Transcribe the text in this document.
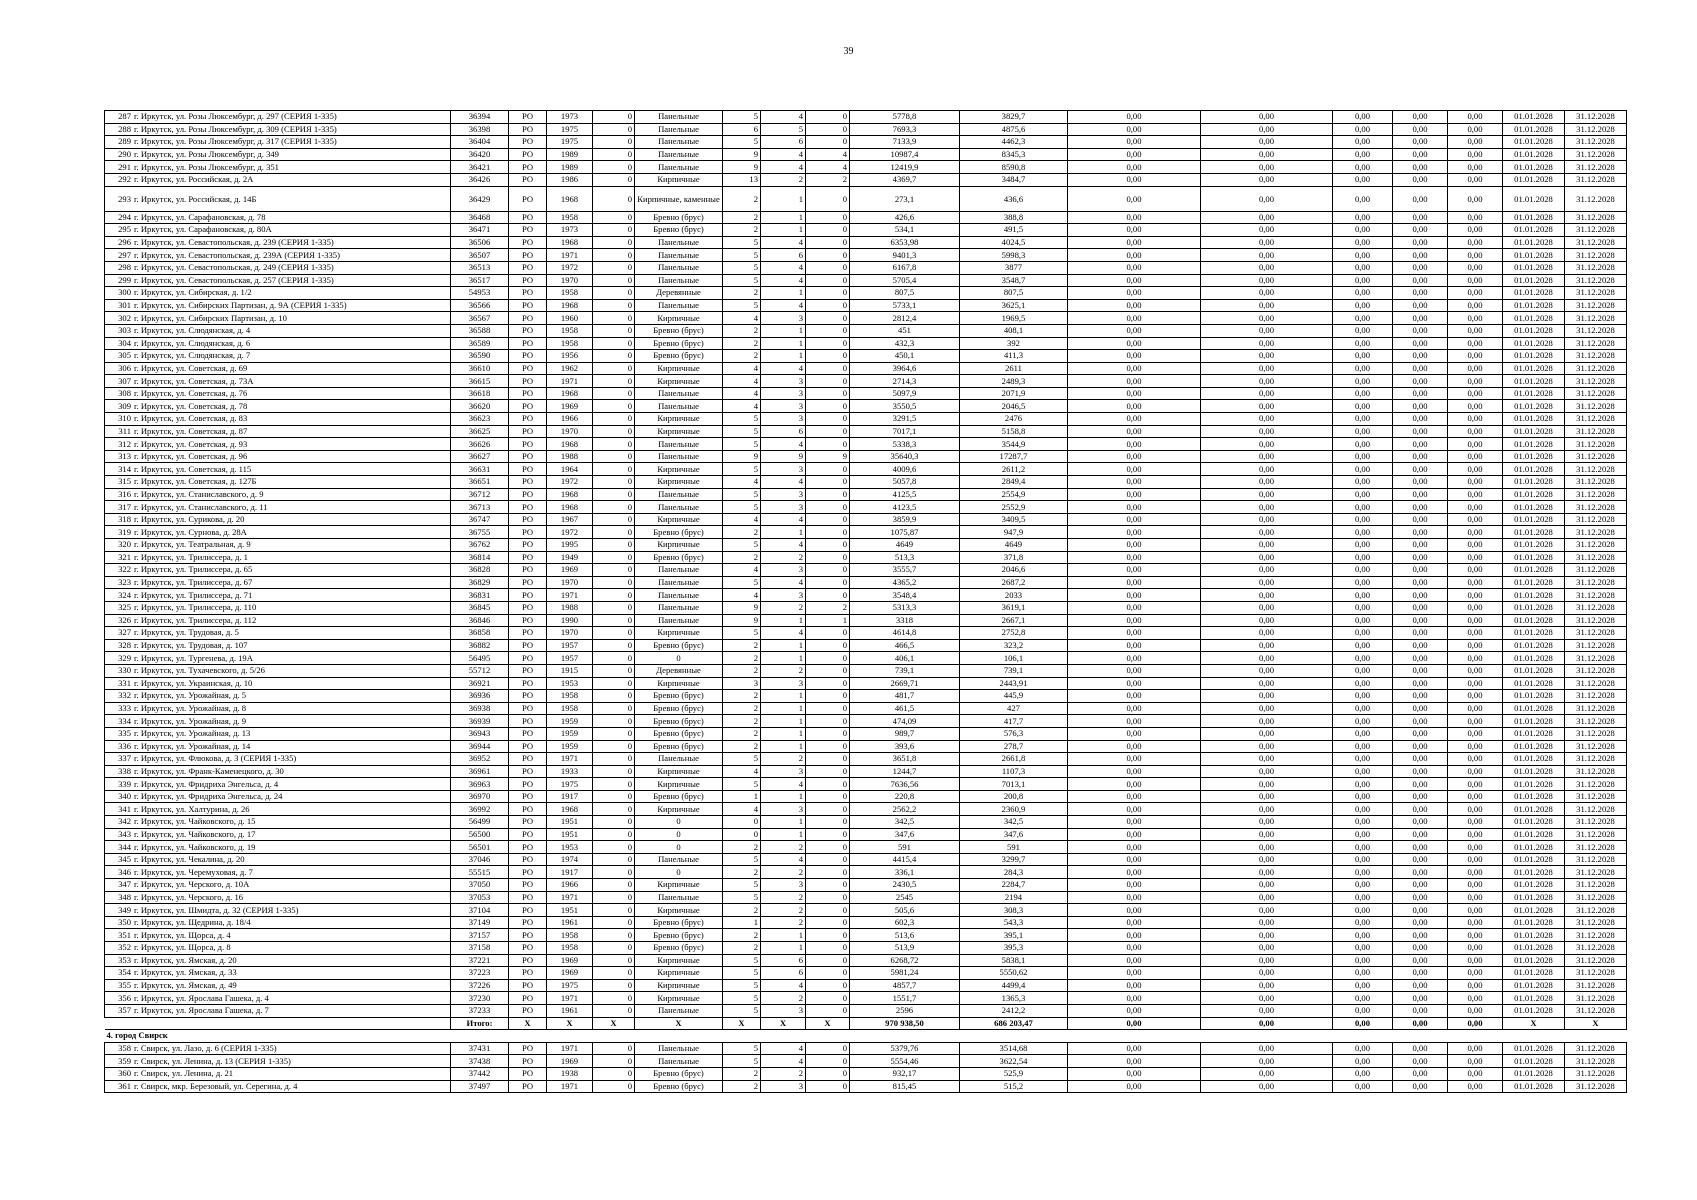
39
287 г. Иркутск, ул. Розы Люксембург, д. 297 (СЕРИЯ 1-335)	36394	РО	1973	0	Панельные	5	4	0	5778,8	3829,7	0,00	0,00	0,00	0,00	0,00	01.01.2028	31.12.2028
288 г. Иркутск, ул. Розы Люксембург, д. 309 (СЕРИЯ 1-335)	36398	РО	1975	0	Панельные	6	5	0	7693,3	4875,6	0,00	0,00	0,00	0,00	0,00	01.01.2028	31.12.2028
289 г. Иркутск, ул. Розы Люксембург, д. 317 (СЕРИЯ 1-335)	36404	РО	1975	0	Панельные	5	6	0	7133,9	4462,3	0,00	0,00	0,00	0,00	0,00	01.01.2028	31.12.2028
290 г. Иркутск, ул. Розы Люксембург, д. 349	36420	РО	1989	0	Панельные	9	4	4	10987,4	8345,3	0,00	0,00	0,00	0,00	0,00	01.01.2028	31.12.2028
291 г. Иркутск, ул. Розы Люксембург, д. 351	36421	РО	1989	0	Панельные	9	4	4	12419,9	8590,8	0,00	0,00	0,00	0,00	0,00	01.01.2028	31.12.2028
292 г. Иркутск, ул. Российская, д. 2А	36426	РО	1986	0	Кирпичные	13	2	2	4369,7	3484,7	0,00	0,00	0,00	0,00	0,00	01.01.2028	31.12.2028
293 г. Иркутск, ул. Российская, д. 14Б	36429	РО	1968	0	Кирпичные, каменные	2	1	0	273,1	436,6	0,00	0,00	0,00	0,00	0,00	01.01.2028	31.12.2028
294 г. Иркутск, ул. Сарафановская, д. 78	36468	РО	1958	0	Бревно (брус)	2	1	0	426,6	388,8	0,00	0,00	0,00	0,00	0,00	01.01.2028	31.12.2028
295 г. Иркутск, ул. Сарафановская, д. 80А	36471	РО	1973	0	Бревно (брус)	2	1	0	534,1	491,5	0,00	0,00	0,00	0,00	0,00	01.01.2028	31.12.2028
296 г. Иркутск, ул. Севастопольская, д. 239 (СЕРИЯ 1-335)	36506	РО	1968	0	Панельные	5	4	0	6353,98	4024,5	0,00	0,00	0,00	0,00	0,00	01.01.2028	31.12.2028
297 г. Иркутск, ул. Севастопольская, д. 239А (СЕРИЯ 1-335)	36507	РО	1971	0	Панельные	5	6	0	9401,3	5998,3	0,00	0,00	0,00	0,00	0,00	01.01.2028	31.12.2028
298 г. Иркутск, ул. Севастопольская, д. 249 (СЕРИЯ 1-335)	36513	РО	1972	0	Панельные	5	4	0	6167,8	3877	0,00	0,00	0,00	0,00	0,00	01.01.2028	31.12.2028
299 г. Иркутск, ул. Севастопольская, д. 257 (СЕРИЯ 1-335)	36517	РО	1970	0	Панельные	5	4	0	5705,4	3548,7	0,00	0,00	0,00	0,00	0,00	01.01.2028	31.12.2028
300 г. Иркутск, ул. Сибирская, д. 1/2	54953	РО	1958	0	Деревянные	2	1	0	807,5	807,5	0,00	0,00	0,00	0,00	0,00	01.01.2028	31.12.2028
301 г. Иркутск, ул. Сибирских Партизан, д. 9А (СЕРИЯ 1-335)	36566	РО	1968	0	Панельные	5	4	0	5733,1	3625,1	0,00	0,00	0,00	0,00	0,00	01.01.2028	31.12.2028
302 г. Иркутск, ул. Сибирских Партизан, д. 10	36567	РО	1960	0	Кирпичные	4	3	0	2812,4	1969,5	0,00	0,00	0,00	0,00	0,00	01.01.2028	31.12.2028
303 г. Иркутск, ул. Слюдянская, д. 4	36588	РО	1958	0	Бревно (брус)	2	1	0	451	408,1	0,00	0,00	0,00	0,00	0,00	01.01.2028	31.12.2028
304 г. Иркутск, ул. Слюдянская, д. 6	36589	РО	1958	0	Бревно (брус)	2	1	0	432,3	392	0,00	0,00	0,00	0,00	0,00	01.01.2028	31.12.2028
305 г. Иркутск, ул. Слюдянская, д. 7	36590	РО	1956	0	Бревно (брус)	2	1	0	450,1	411,3	0,00	0,00	0,00	0,00	0,00	01.01.2028	31.12.2028
306 г. Иркутск, ул. Советская, д. 69	36610	РО	1962	0	Кирпичные	4	4	0	3964,6	2611	0,00	0,00	0,00	0,00	0,00	01.01.2028	31.12.2028
307 г. Иркутск, ул. Советская, д. 73А	36615	РО	1971	0	Кирпичные	4	3	0	2714,3	2489,3	0,00	0,00	0,00	0,00	0,00	01.01.2028	31.12.2028
308 г. Иркутск, ул. Советская, д. 76	36618	РО	1968	0	Панельные	4	3	0	5097,9	2071,9	0,00	0,00	0,00	0,00	0,00	01.01.2028	31.12.2028
309 г. Иркутск, ул. Советская, д. 78	36620	РО	1969	0	Панельные	4	3	0	3550,5	2046,5	0,00	0,00	0,00	0,00	0,00	01.01.2028	31.12.2028
310 г. Иркутск, ул. Советская, д. 83	36623	РО	1966	0	Кирпичные	5	3	0	3291,5	2476	0,00	0,00	0,00	0,00	0,00	01.01.2028	31.12.2028
311 г. Иркутск, ул. Советская, д. 87	36625	РО	1970	0	Кирпичные	5	6	0	7017,1	5158,8	0,00	0,00	0,00	0,00	0,00	01.01.2028	31.12.2028
312 г. Иркутск, ул. Советская, д. 93	36626	РО	1968	0	Панельные	5	4	0	5338,3	3544,9	0,00	0,00	0,00	0,00	0,00	01.01.2028	31.12.2028
313 г. Иркутск, ул. Советская, д. 96	36627	РО	1988	0	Панельные	9	9	9	35640,3	17287,7	0,00	0,00	0,00	0,00	0,00	01.01.2028	31.12.2028
314 г. Иркутск, ул. Советская, д. 115	36631	РО	1964	0	Кирпичные	5	3	0	4009,6	2611,2	0,00	0,00	0,00	0,00	0,00	01.01.2028	31.12.2028
315 г. Иркутск, ул. Советская, д. 127Б	36651	РО	1972	0	Кирпичные	4	4	0	5057,8	2849,4	0,00	0,00	0,00	0,00	0,00	01.01.2028	31.12.2028
316 г. Иркутск, ул. Станиславского, д. 9	36712	РО	1968	0	Панельные	5	3	0	4125,5	2554,9	0,00	0,00	0,00	0,00	0,00	01.01.2028	31.12.2028
317 г. Иркутск, ул. Станиславского, д. 11	36713	РО	1968	0	Панельные	5	3	0	4123,5	2552,9	0,00	0,00	0,00	0,00	0,00	01.01.2028	31.12.2028
318 г. Иркутск, ул. Сурикова, д. 20	36747	РО	1967	0	Кирпичные	4	4	0	3859,9	3409,5	0,00	0,00	0,00	0,00	0,00	01.01.2028	31.12.2028
319 г. Иркутск, ул. Сурнова, д. 28А	36755	РО	1972	0	Бревно (брус)	2	1	0	1075,87	947,9	0,00	0,00	0,00	0,00	0,00	01.01.2028	31.12.2028
320 г. Иркутск, ул. Театральная, д. 9	36762	РО	1995	0	Кирпичные	5	4	0	4649	4649	0,00	0,00	0,00	0,00	0,00	01.01.2028	31.12.2028
321 г. Иркутск, ул. Трилиссера, д. 1	36814	РО	1949	0	Бревно (брус)	2	2	0	513,3	371,8	0,00	0,00	0,00	0,00	0,00	01.01.2028	31.12.2028
322 г. Иркутск, ул. Трилиссера, д. 65	36828	РО	1969	0	Панельные	4	3	0	3555,7	2046,6	0,00	0,00	0,00	0,00	0,00	01.01.2028	31.12.2028
323 г. Иркутск, ул. Трилиссера, д. 67	36829	РО	1970	0	Панельные	5	4	0	4365,2	2687,2	0,00	0,00	0,00	0,00	0,00	01.01.2028	31.12.2028
324 г. Иркутск, ул. Трилиссера, д. 71	36831	РО	1971	0	Панельные	4	3	0	3548,4	2033	0,00	0,00	0,00	0,00	0,00	01.01.2028	31.12.2028
325 г. Иркутск, ул. Трилиссера, д. 110	36845	РО	1988	0	Панельные	9	2	2	5313,3	3619,1	0,00	0,00	0,00	0,00	0,00	01.01.2028	31.12.2028
326 г. Иркутск, ул. Трилиссера, д. 112	36846	РО	1990	0	Панельные	9	1	1	3318	2667,1	0,00	0,00	0,00	0,00	0,00	01.01.2028	31.12.2028
327 г. Иркутск, ул. Трудовая, д. 5	36858	РО	1970	0	Кирпичные	5	4	0	4614,8	2752,8	0,00	0,00	0,00	0,00	0,00	01.01.2028	31.12.2028
328 г. Иркутск, ул. Трудовая, д. 107	36882	РО	1957	0	Бревно (брус)	2	1	0	466,5	323,2	0,00	0,00	0,00	0,00	0,00	01.01.2028	31.12.2028
329 г. Иркутск, ул. Тургенева, д. 19А	56495	РО	1957	0	0	2	1	0	406,1	106,1	0,00	0,00	0,00	0,00	0,00	01.01.2028	31.12.2028
330 г. Иркутск, ул. Тухачевского, д. 5/26	55712	РО	1915	0	Деревянные	2	2	0	739,1	739,1	0,00	0,00	0,00	0,00	0,00	01.01.2028	31.12.2028
331 г. Иркутск, ул. Украинская, д. 10	36921	РО	1953	0	Кирпичные	3	3	0	2669,71	2443,91	0,00	0,00	0,00	0,00	0,00	01.01.2028	31.12.2028
332 г. Иркутск, ул. Урожайная, д. 5	36936	РО	1958	0	Бревно (брус)	2	1	0	481,7	445,9	0,00	0,00	0,00	0,00	0,00	01.01.2028	31.12.2028
333 г. Иркутск, ул. Урожайная, д. 8	36938	РО	1958	0	Бревно (брус)	2	1	0	461,5	427	0,00	0,00	0,00	0,00	0,00	01.01.2028	31.12.2028
334 г. Иркутск, ул. Урожайная, д. 9	36939	РО	1959	0	Бревно (брус)	2	1	0	474,09	417,7	0,00	0,00	0,00	0,00	0,00	01.01.2028	31.12.2028
335 г. Иркутск, ул. Урожайная, д. 13	36943	РО	1959	0	Бревно (брус)	2	1	0	989,7	576,3	0,00	0,00	0,00	0,00	0,00	01.01.2028	31.12.2028
336 г. Иркутск, ул. Урожайная, д. 14	36944	РО	1959	0	Бревно (брус)	2	1	0	393,6	278,7	0,00	0,00	0,00	0,00	0,00	01.01.2028	31.12.2028
337 г. Иркутск, ул. Флюкова, д. 3 (СЕРИЯ 1-335)	36952	РО	1971	0	Панельные	5	2	0	3651,8	2661,8	0,00	0,00	0,00	0,00	0,00	01.01.2028	31.12.2028
338 г. Иркутск, ул. Франк-Каменецкого, д. 30	36961	РО	1933	0	Кирпичные	4	3	0	1244,7	1107,3	0,00	0,00	0,00	0,00	0,00	01.01.2028	31.12.2028
339 г. Иркутск, ул. Фридриха Энгельса, д. 4	36963	РО	1975	0	Кирпичные	5	4	0	7636,56	7013,1	0,00	0,00	0,00	0,00	0,00	01.01.2028	31.12.2028
340 г. Иркутск, ул. Фридриха Энгельса, д. 24	36970	РО	1917	0	Бревно (брус)	1	1	0	220,8	200,8	0,00	0,00	0,00	0,00	0,00	01.01.2028	31.12.2028
341 г. Иркутск, ул. Халтурина, д. 26	36992	РО	1968	0	Кирпичные	4	3	0	2562,2	2360,9	0,00	0,00	0,00	0,00	0,00	01.01.2028	31.12.2028
342 г. Иркутск, ул. Чайковского, д. 15	56499	РО	1951	0	0	0	1	0	342,5	342,5	0,00	0,00	0,00	0,00	0,00	01.01.2028	31.12.2028
343 г. Иркутск, ул. Чайковского, д. 17	56500	РО	1951	0	0	0	1	0	347,6	347,6	0,00	0,00	0,00	0,00	0,00	01.01.2028	31.12.2028
344 г. Иркутск, ул. Чайковского, д. 19	56501	РО	1953	0	0	2	2	0	591	591	0,00	0,00	0,00	0,00	0,00	01.01.2028	31.12.2028
345 г. Иркутск, ул. Чекалина, д. 20	37046	РО	1974	0	Панельные	5	4	0	4415,4	3299,7	0,00	0,00	0,00	0,00	0,00	01.01.2028	31.12.2028
346 г. Иркутск, ул. Черемуховая, д. 7	55515	РО	1917	0	0	2	2	0	336,1	284,3	0,00	0,00	0,00	0,00	0,00	01.01.2028	31.12.2028
347 г. Иркутск, ул. Черского, д. 10А	37050	РО	1966	0	Кирпичные	5	3	0	2430,5	2284,7	0,00	0,00	0,00	0,00	0,00	01.01.2028	31.12.2028
348 г. Иркутск, ул. Черского, д. 16	37053	РО	1971	0	Панельные	5	2	0	2545	2194	0,00	0,00	0,00	0,00	0,00	01.01.2028	31.12.2028
349 г. Иркутск, ул. Шмидта, д. 32 (СЕРИЯ 1-335)	37104	РО	1951	0	Кирпичные	2	2	0	505,6	308,3	0,00	0,00	0,00	0,00	0,00	01.01.2028	31.12.2028
350 г. Иркутск, ул. Щедрина, д. 18/4	37149	РО	1961	0	Бревно (брус)	1	2	0	602,3	543,3	0,00	0,00	0,00	0,00	0,00	01.01.2028	31.12.2028
351 г. Иркутск, ул. Щорса, д. 4	37157	РО	1958	0	Бревно (брус)	2	1	0	513,6	395,1	0,00	0,00	0,00	0,00	0,00	01.01.2028	31.12.2028
352 г. Иркутск, ул. Щорса, д. 8	37158	РО	1958	0	Бревно (брус)	2	1	0	513,9	395,3	0,00	0,00	0,00	0,00	0,00	01.01.2028	31.12.2028
353 г. Иркутск, ул. Ямская, д. 20	37221	РО	1969	0	Кирпичные	5	6	0	6268,72	5838,1	0,00	0,00	0,00	0,00	0,00	01.01.2028	31.12.2028
354 г. Иркутск, ул. Ямская, д. 33	37223	РО	1969	0	Кирпичные	5	6	0	5981,24	5550,62	0,00	0,00	0,00	0,00	0,00	01.01.2028	31.12.2028
355 г. Иркутск, ул. Ямская, д. 49	37226	РО	1975	0	Кирпичные	5	4	0	4857,7	4499,4	0,00	0,00	0,00	0,00	0,00	01.01.2028	31.12.2028
356 г. Иркутск, ул. Ярослава Гашека, д. 4	37230	РО	1971	0	Кирпичные	5	2	0	1551,7	1365,3	0,00	0,00	0,00	0,00	0,00	01.01.2028	31.12.2028
357 г. Иркутск, ул. Ярослава Гашека, д. 7	37233	РО	1961	0	Панельные	5	3	0	2596	2412,2	0,00	0,00	0,00	0,00	0,00	01.01.2028	31.12.2028
	Итого:	Х	Х	Х	Х	Х	Х	Х	970 938,50	686 203,47	0,00	0,00	0,00	0,00	0,00	Х	Х
4. город Свирск																	
358 г. Свирск, ул. Лазо, д. 6 (СЕРИЯ 1-335)	37431	РО	1971	0	Панельные	5	4	0	5379,76	3514,68	0,00	0,00	0,00	0,00	0,00	01.01.2028	31.12.2028
359 г. Свирск, ул. Ленина, д. 13 (СЕРИЯ 1-335)	37438	РО	1969	0	Панельные	5	4	0	5554,46	3622,54	0,00	0,00	0,00	0,00	0,00	01.01.2028	31.12.2028
360 г. Свирск, ул. Ленина, д. 21	37442	РО	1938	0	Бревно (брус)	2	2	0	932,17	525,9	0,00	0,00	0,00	0,00	0,00	01.01.2028	31.12.2028
361 г. Свирск, мкр. Березовый, ул. Серегина, д. 4	37497	РО	1971	0	Бревно (брус)	2	3	0	815,45	515,2	0,00	0,00	0,00	0,00	0,00	01.01.2028	31.12.2028
